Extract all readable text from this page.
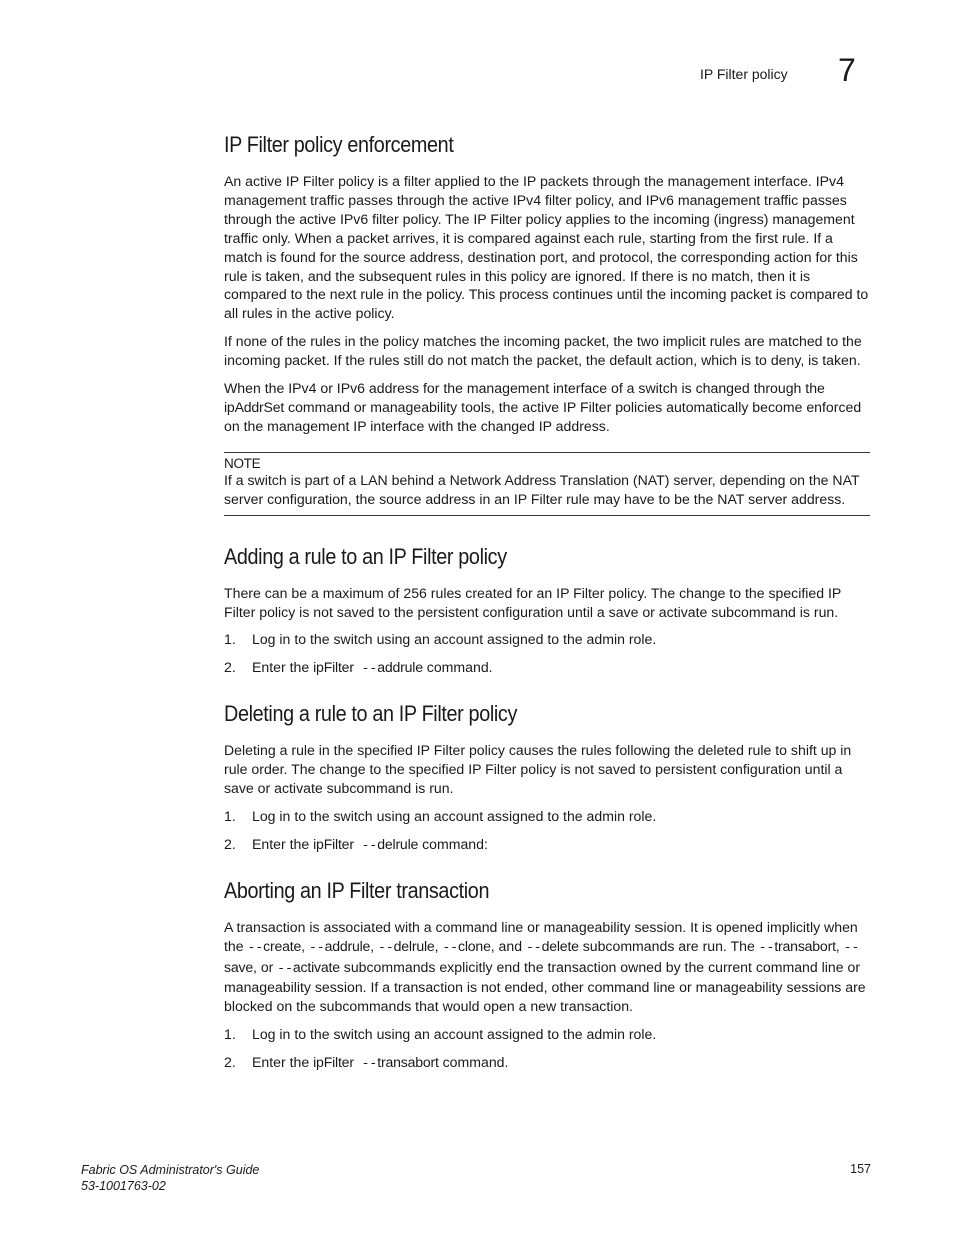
IP Filter policy 7
IP Filter policy enforcement

An active IP Filter policy is a filter applied to the IP packets through the management interface. IPv4 management traffic passes through the active IPv4 filter policy, and IPv6 management traffic passes through the active IPv6 filter policy. The IP Filter policy applies to the incoming (ingress) management traffic only. When a packet arrives, it is compared against each rule, starting from the first rule. If a match is found for the source address, destination port, and protocol, the corresponding action for this rule is taken, and the subsequent rules in this policy are ignored. If there is no match, then it is compared to the next rule in the policy. This process continues until the incoming packet is compared to all rules in the active policy.

If none of the rules in the policy matches the incoming packet, the two implicit rules are matched to the incoming packet. If the rules still do not match the packet, the default action, which is to deny, is taken.

When the IPv4 or IPv6 address for the management interface of a switch is changed through the ipAddrSet command or manageability tools, the active IP Filter policies automatically become enforced on the management IP interface with the changed IP address.

NOTE

If a switch is part of a LAN behind a Network Address Translation (NAT) server, depending on the NAT server configuration, the source address in an IP Filter rule may have to be the NAT server address.

Adding a rule to an IP Filter policy

There can be a maximum of 256 rules created for an IP Filter policy. The change to the specified IP Filter policy is not saved to the persistent configuration until a save or activate subcommand is run.

1. Log in to the switch using an account assigned to the admin role.
2. Enter the ipFilter --addrule command.
Deleting a rule to an IP Filter policy

Deleting a rule in the specified IP Filter policy causes the rules following the deleted rule to shift up in rule order. The change to the specified IP Filter policy is not saved to persistent configuration until a save or activate subcommand is run.

1. Log in to the switch using an account assigned to the admin role.
2. Enter the ipFilter --delrule command:
Aborting an IP Filter transaction

A transaction is associated with a command line or manageability session. It is opened implicitly when the --create, --addrule, --delrule, --clone, and --delete subcommands are run. The --transabort, --save, or --activate subcommands explicitly end the transaction owned by the current command line or manageability session. If a transaction is not ended, other command line or manageability sessions are blocked on the subcommands that would open a new transaction.

1. Log in to the switch using an account assigned to the admin role.
2. Enter the ipFilter --transabort command.
Fabric OS Administrator's Guide
53-1001763-02
157
